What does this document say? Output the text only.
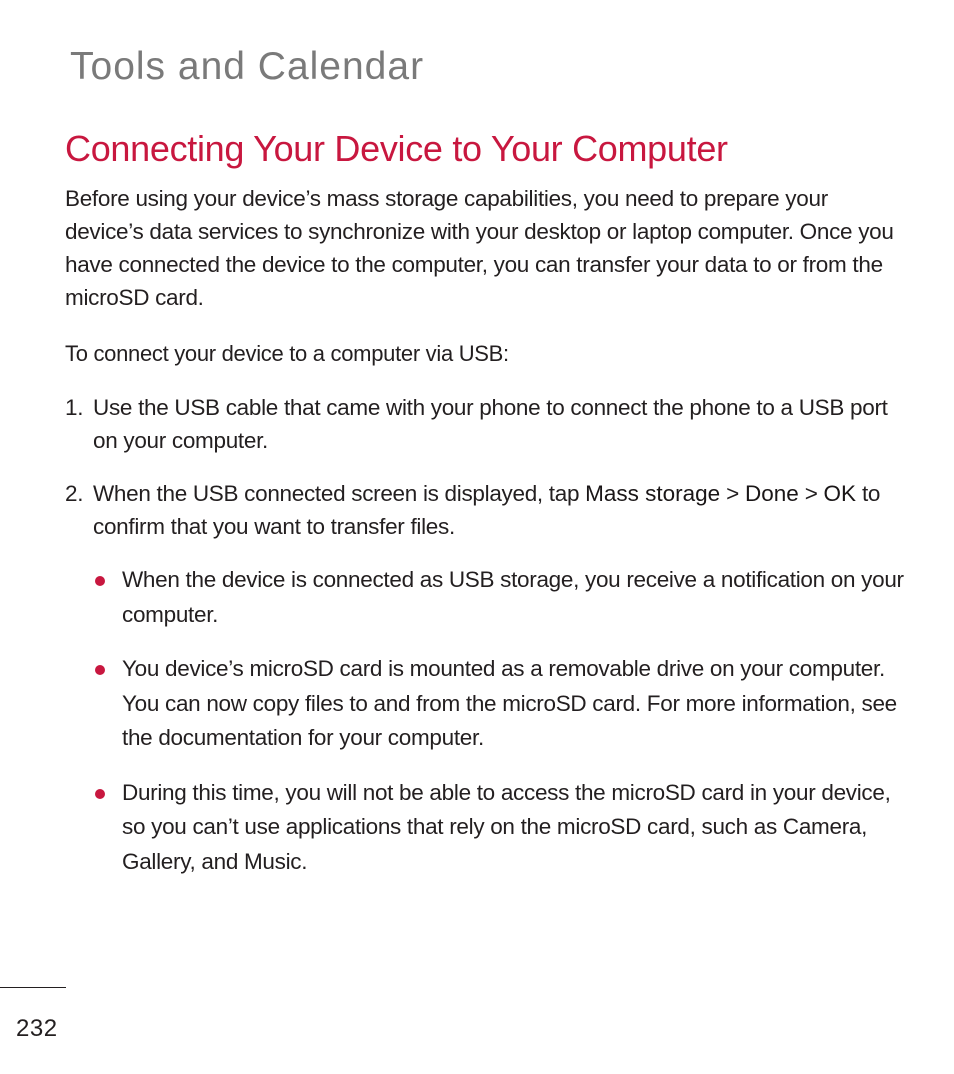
Tools and Calendar
Connecting Your Device to Your Computer

Before using your device’s mass storage capabilities, you need to prepare your device’s data services to synchronize with your desktop or laptop computer. Once you have connected the device to the computer, you can transfer your data to or from the microSD card.

To connect your device to a computer via USB:

1. Use the USB cable that came with your phone to connect the phone to a USB port on your computer.
2. When the USB connected screen is displayed, tap Mass storage > Done > OK to confirm that you want to transfer files.
When the device is connected as USB storage, you receive a notification on your computer.
You device’s microSD card is mounted as a removable drive on your computer. You can now copy files to and from the microSD card. For more information, see the documentation for your computer.
During this time, you will not be able to access the microSD card in your device, so you can’t use applications that rely on the microSD card, such as Camera, Gallery, and Music.
232
